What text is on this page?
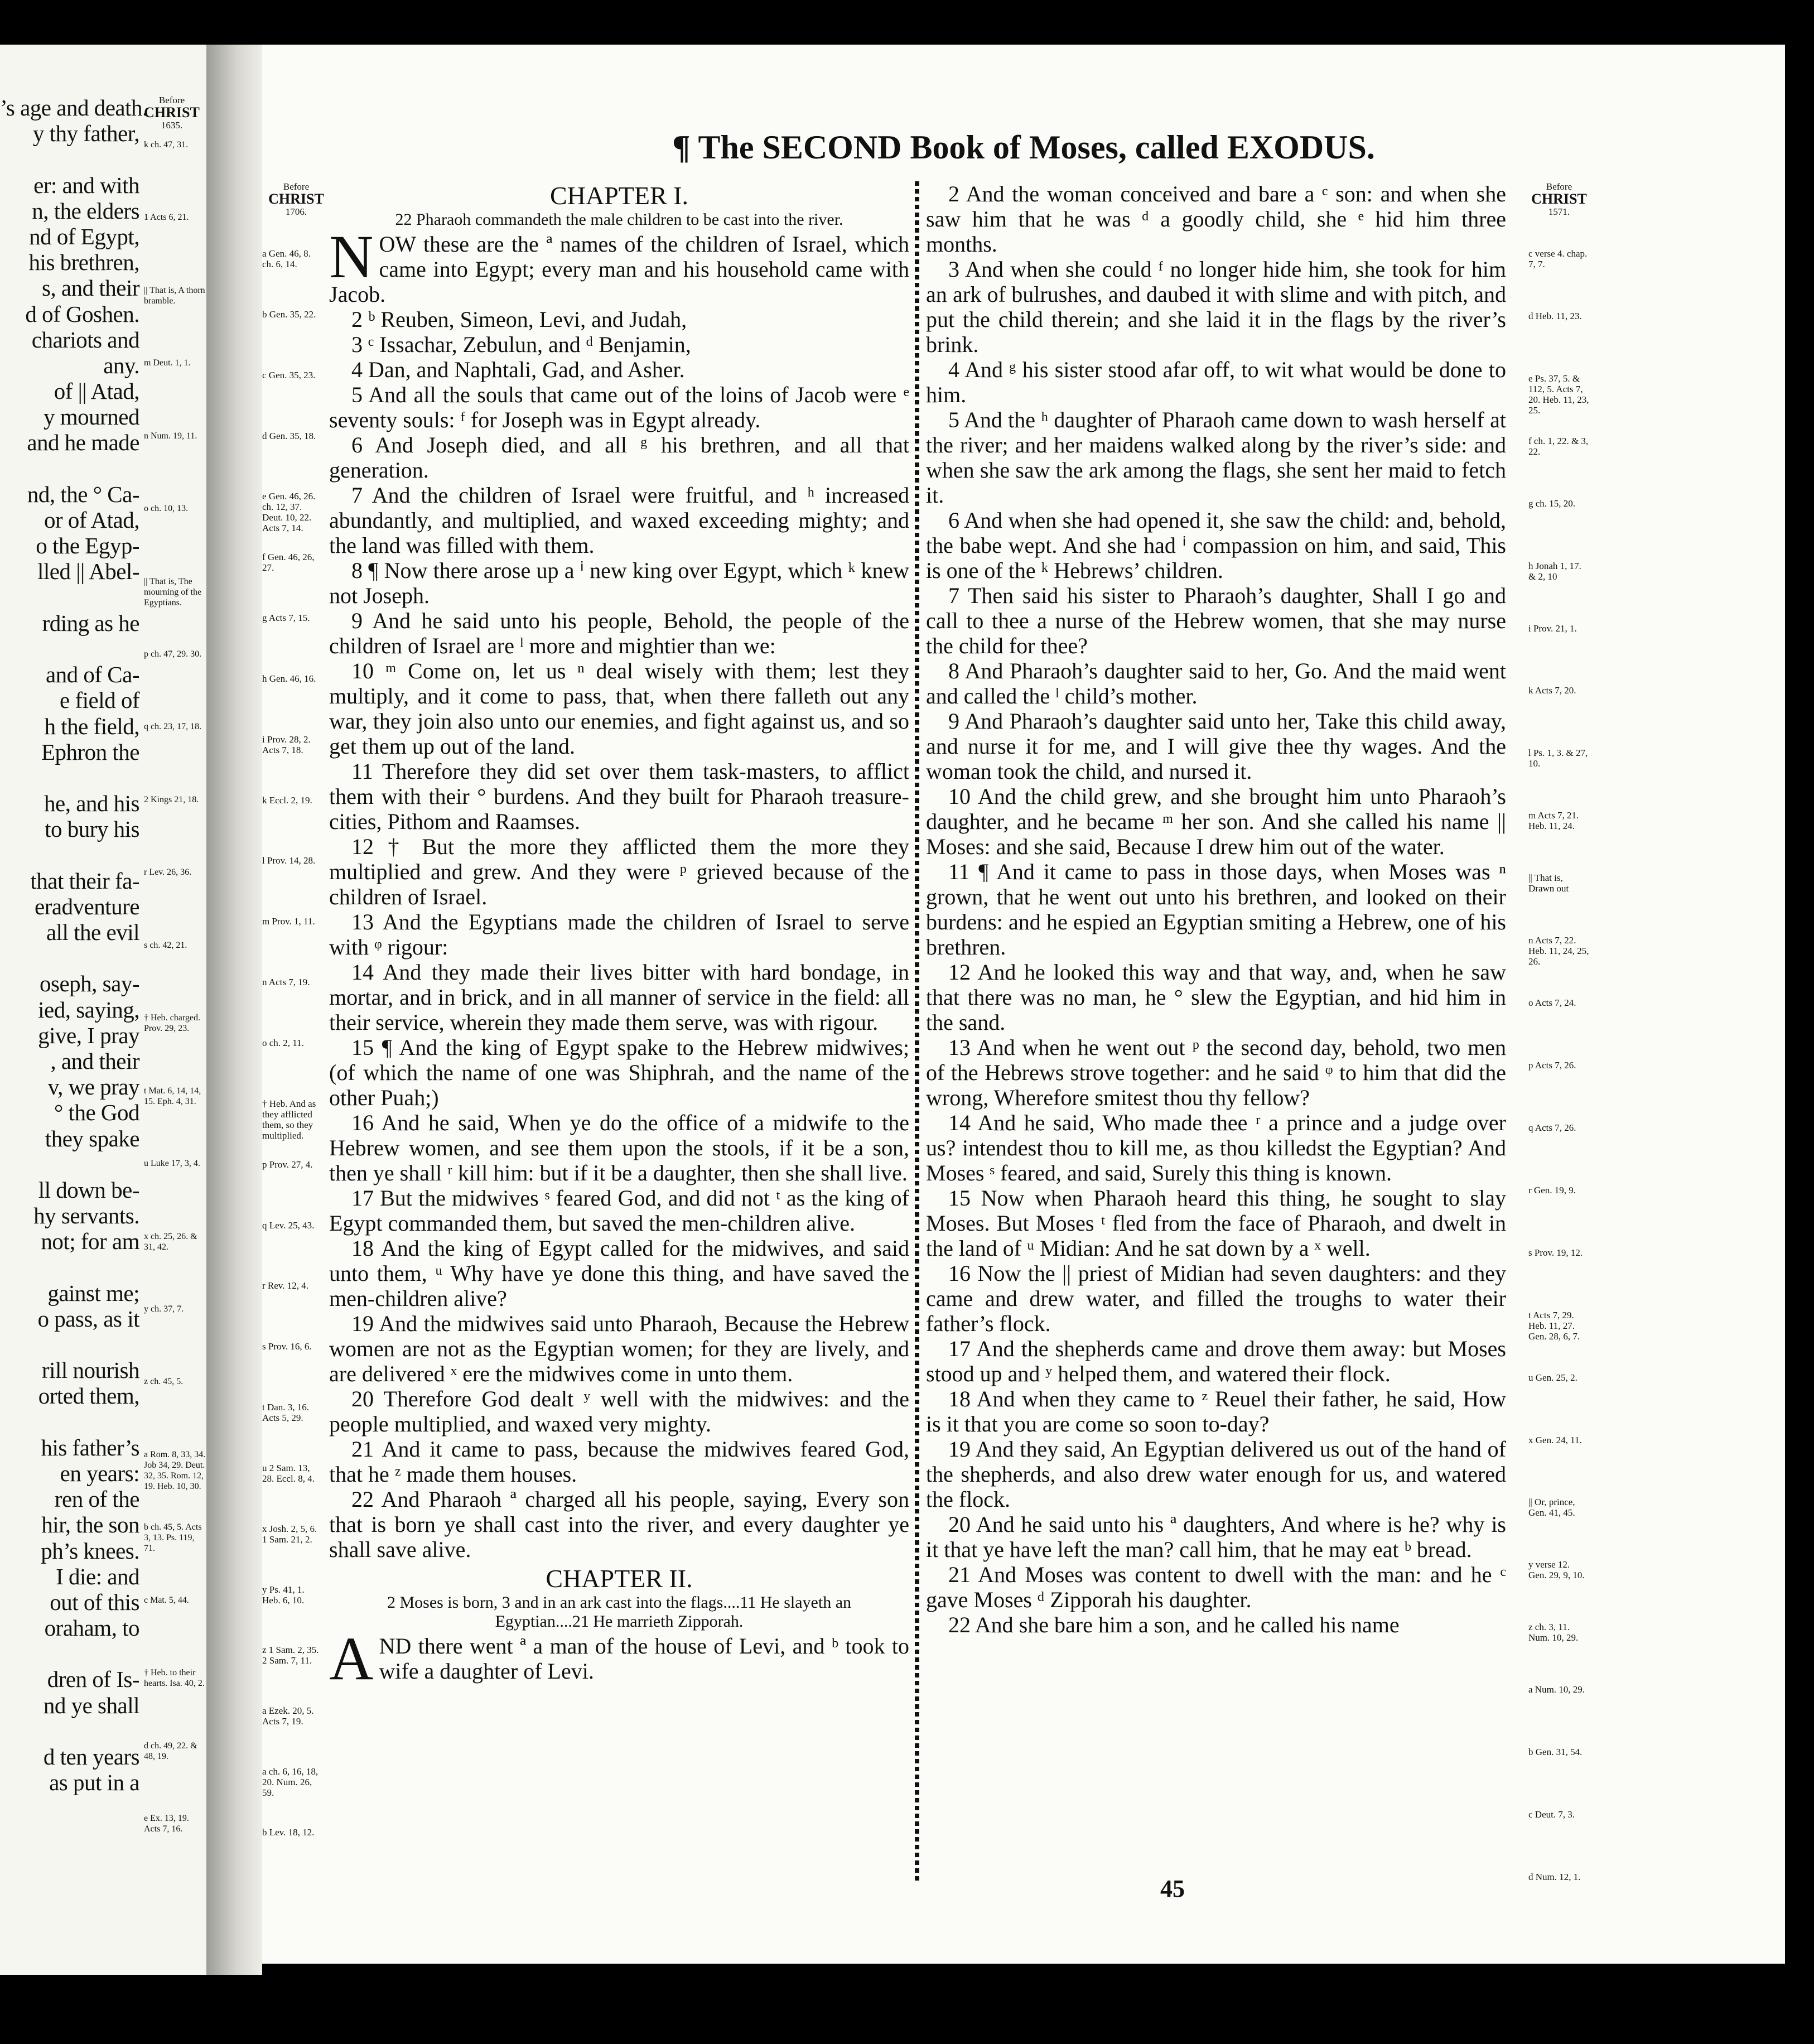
’s age and death.
y thy father,
er: and with
n, the elders
nd of Egypt,
his brethren,
s, and their
d of Goshen.
chariots and
any.
of || Atad,
y mourned
and he made
nd, the ° Ca-
or of Atad,
o the Egyp-
lled || Abel-
rding as he
and of Ca-
e field of
h the field,
Ephron the
he, and his
to bury his
that their fa-
eradventure
all the evil
oseph, say-
ied, saying,
give, I pray
, and their
v, we pray
° the God
they spake
ll down be-
hy servants.
not; for am
gainst me;
o pass, as it
rill nourish
orted them,
his father’s
en years:
ren of the
hir, the son
ph’s knees.
I die: and
out of this
oraham, to
dren of Is-
nd ye shall
d ten years
as put in a
Before
CHRIST
1635.
k ch. 47, 31.
1 Acts 6, 21.
|| That is, A thorn bramble.
m Deut. 1, 1.
n Num. 19, 11.
o ch. 10, 13.
|| That is, The mourning of the Egyptians.
p ch. 47, 29. 30.
q ch. 23, 17, 18.
2 Kings 21, 18.
r Lev. 26, 36.
s ch. 42, 21.
† Heb. charged. Prov. 29, 23.
t Mat. 6, 14, 14, 15. Eph. 4, 31.
u Luke 17, 3, 4.
x ch. 25, 26. & 31, 42.
y ch. 37, 7.
z ch. 45, 5.
a Rom. 8, 33, 34. Job 34, 29. Deut. 32, 35. Rom. 12, 19. Heb. 10, 30.
b ch. 45, 5. Acts 3, 13. Ps. 119, 71.
c Mat. 5, 44.
† Heb. to their hearts. Isa. 40, 2.
d ch. 49, 22. & 48, 19.
e Ex. 13, 19. Acts 7, 16.
¶ The SECOND Book of Moses, called EXODUS.
Before
CHRIST
1706.
a Gen. 46, 8. ch. 6, 14.
b Gen. 35, 22.
c Gen. 35, 23.
d Gen. 35, 18.
e Gen. 46, 26. ch. 12, 37. Deut. 10, 22. Acts 7, 14.
f Gen. 46, 26, 27.
g Acts 7, 15.
h Gen. 46, 16.
i Prov. 28, 2. Acts 7, 18.
k Eccl. 2, 19.
l Prov. 14, 28.
m Prov. 1, 11.
n Acts 7, 19.
o ch. 2, 11.
† Heb. And as they afflicted them, so they multiplied.
p Prov. 27, 4.
q Lev. 25, 43.
r Rev. 12, 4.
s Prov. 16, 6.
t Dan. 3, 16. Acts 5, 29.
u 2 Sam. 13, 28. Eccl. 8, 4.
x Josh. 2, 5, 6. 1 Sam. 21, 2.
y Ps. 41, 1. Heb. 6, 10.
z 1 Sam. 2, 35. 2 Sam. 7, 11.
a Ezek. 20, 5. Acts 7, 19.
a ch. 6, 16, 18, 20. Num. 26, 59.
b Lev. 18, 12.
CHAPTER I.

22 Pharaoh commandeth the male children to be cast into the river.

NOW these are the ª names of the children of Israel, which came into Egypt; every man and his household came with Jacob.

2 ᵇ Reuben, Simeon, Levi, and Judah,

3 ᶜ Issachar, Zebulun, and ᵈ Benjamin,

4 Dan, and Naphtali, Gad, and Asher.

5 And all the souls that came out of the loins of Jacob were ᵉ seventy souls: ᶠ for Joseph was in Egypt already.

6 And Joseph died, and all ᵍ his brethren, and all that generation.

7 And the children of Israel were fruitful, and ʰ increased abundantly, and multiplied, and waxed exceeding mighty; and the land was filled with them.

8 ¶ Now there arose up a ⁱ new king over Egypt, which ᵏ knew not Joseph.

9 And he said unto his people, Behold, the people of the children of Israel are ˡ more and mightier than we:

10 ᵐ Come on, let us ⁿ deal wisely with them; lest they multiply, and it come to pass, that, when there falleth out any war, they join also unto our enemies, and fight against us, and so get them up out of the land.

11 Therefore they did set over them task-masters, to afflict them with their ° burdens. And they built for Pharaoh treasure-cities, Pithom and Raamses.

12 † But the more they afflicted them the more they multiplied and grew. And they were ᵖ grieved because of the children of Israel.

13 And the Egyptians made the children of Israel to serve with ᵠ rigour:

14 And they made their lives bitter with hard bondage, in mortar, and in brick, and in all manner of service in the field: all their service, wherein they made them serve, was with rigour.

15 ¶ And the king of Egypt spake to the Hebrew midwives; (of which the name of one was Shiphrah, and the name of the other Puah;)

16 And he said, When ye do the office of a midwife to the Hebrew women, and see them upon the stools, if it be a son, then ye shall ʳ kill him: but if it be a daughter, then she shall live.

17 But the midwives ˢ feared God, and did not ᵗ as the king of Egypt commanded them, but saved the men-children alive.

18 And the king of Egypt called for the midwives, and said unto them, ᵘ Why have ye done this thing, and have saved the men-children alive?

19 And the midwives said unto Pharaoh, Because the Hebrew women are not as the Egyptian women; for they are lively, and are delivered ˣ ere the midwives come in unto them.

20 Therefore God dealt ʸ well with the midwives: and the people multiplied, and waxed very mighty.

21 And it came to pass, because the midwives feared God, that he ᶻ made them houses.

22 And Pharaoh ª charged all his people, saying, Every son that is born ye shall cast into the river, and every daughter ye shall save alive.

CHAPTER II.

2 Moses is born, 3 and in an ark cast into the flags....11 He slayeth an Egyptian....21 He marrieth Zipporah.

AND there went ª a man of the house of Levi, and ᵇ took to wife a daughter of Levi.

2 And the woman conceived and bare a ᶜ son: and when she saw him that he was ᵈ a goodly child, she ᵉ hid him three months.

3 And when she could ᶠ no longer hide him, she took for him an ark of bulrushes, and daubed it with slime and with pitch, and put the child therein; and she laid it in the flags by the river’s brink.

4 And ᵍ his sister stood afar off, to wit what would be done to him.

5 And the ʰ daughter of Pharaoh came down to wash herself at the river; and her maidens walked along by the river’s side: and when she saw the ark among the flags, she sent her maid to fetch it.

6 And when she had opened it, she saw the child: and, behold, the babe wept. And she had ⁱ compassion on him, and said, This is one of the ᵏ Hebrews’ children.

7 Then said his sister to Pharaoh’s daughter, Shall I go and call to thee a nurse of the Hebrew women, that she may nurse the child for thee?

8 And Pharaoh’s daughter said to her, Go. And the maid went and called the ˡ child’s mother.

9 And Pharaoh’s daughter said unto her, Take this child away, and nurse it for me, and I will give thee thy wages. And the woman took the child, and nursed it.

10 And the child grew, and she brought him unto Pharaoh’s daughter, and he became ᵐ her son. And she called his name || Moses: and she said, Because I drew him out of the water.

11 ¶ And it came to pass in those days, when Moses was ⁿ grown, that he went out unto his brethren, and looked on their burdens: and he espied an Egyptian smiting a Hebrew, one of his brethren.

12 And he looked this way and that way, and, when he saw that there was no man, he ° slew the Egyptian, and hid him in the sand.

13 And when he went out ᵖ the second day, behold, two men of the Hebrews strove together: and he said ᵠ to him that did the wrong, Wherefore smitest thou thy fellow?

14 And he said, Who made thee ʳ a prince and a judge over us? intendest thou to kill me, as thou killedst the Egyptian? And Moses ˢ feared, and said, Surely this thing is known.

15 Now when Pharaoh heard this thing, he sought to slay Moses. But Moses ᵗ fled from the face of Pharaoh, and dwelt in the land of ᵘ Midian: And he sat down by a ˣ well.

16 Now the || priest of Midian had seven daughters: and they came and drew water, and filled the troughs to water their father’s flock.

17 And the shepherds came and drove them away: but Moses stood up and ʸ helped them, and watered their flock.

18 And when they came to ᶻ Reuel their father, he said, How is it that you are come so soon to-day?

19 And they said, An Egyptian delivered us out of the hand of the shepherds, and also drew water enough for us, and watered the flock.

20 And he said unto his ª daughters, And where is he? why is it that ye have left the man? call him, that he may eat ᵇ bread.

21 And Moses was content to dwell with the man: and he ᶜ gave Moses ᵈ Zipporah his daughter.

22 And she bare him a son, and he called his name

Before
CHRIST
1571.
c verse 4. chap. 7, 7.
d Heb. 11, 23.
e Ps. 37, 5. & 112, 5. Acts 7, 20. Heb. 11, 23, 25.
f ch. 1, 22. & 3, 22.
g ch. 15, 20.
h Jonah 1, 17. & 2, 10
i Prov. 21, 1.
k Acts 7, 20.
l Ps. 1, 3. & 27, 10.
m Acts 7, 21. Heb. 11, 24.
|| That is, Drawn out
n Acts 7, 22. Heb. 11, 24, 25, 26.
o Acts 7, 24.
p Acts 7, 26.
q Acts 7, 26.
r Gen. 19, 9.
s Prov. 19, 12.
t Acts 7, 29. Heb. 11, 27. Gen. 28, 6, 7.
u Gen. 25, 2.
x Gen. 24, 11.
|| Or, prince, Gen. 41, 45.
y verse 12. Gen. 29, 9, 10.
z ch. 3, 11. Num. 10, 29.
a Num. 10, 29.
b Gen. 31, 54.
c Deut. 7, 3.
d Num. 12, 1.
45
